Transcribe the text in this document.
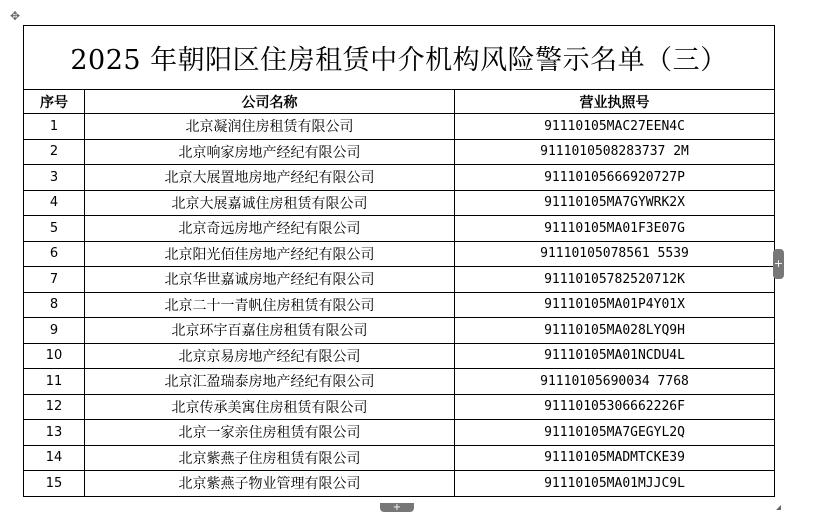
✥
2025 年朝阳区住房租赁中介机构风险警示名单（三）		
序号	公司名称	营业执照号
1	北京凝润住房租赁有限公司	91110105MAC27EEN4C
2	北京响家房地产经纪有限公司	9111010508283737 2M
3	北京大展置地房地产经纪有限公司	91110105666920727P
4	北京大展嘉诚住房租赁有限公司	91110105MA7GYWRK2X
5	北京奇远房地产经纪有限公司	91110105MA01F3E07G
6	北京阳光佰佳房地产经纪有限公司	91110105078561 5539
7	北京华世嘉诚房地产经纪有限公司	91110105782520712K
8	北京二十一青帆住房租赁有限公司	91110105MA01P4Y01X
9	北京环宇百嘉住房租赁有限公司	91110105MA028LYQ9H
10	北京京易房地产经纪有限公司	91110105MA01NCDU4L
11	北京汇盈瑞泰房地产经纪有限公司	91110105690034 7768
12	北京传承美寓住房租赁有限公司	91110105306662226F
13	北京一家亲住房租赁有限公司	91110105MA7GEGYL2Q
14	北京紫燕子住房租赁有限公司	91110105MADMTCKE39
15	北京紫燕子物业管理有限公司	91110105MA01MJJC9L
+
+
